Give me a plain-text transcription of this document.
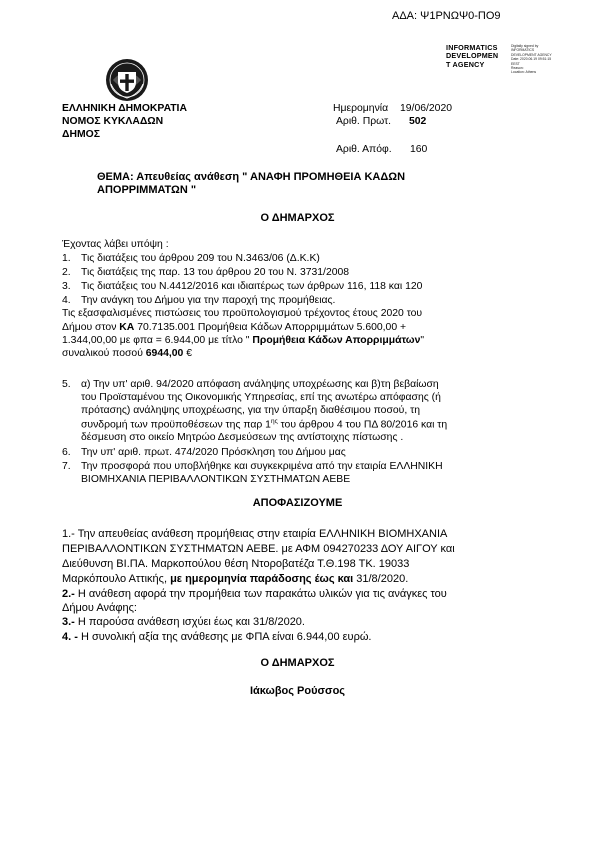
ΑΔΑ: Ψ1ΡΝΩΨ0-ΠΟ9
INFORMATICS
DEVELOPMEN
T AGENCY
Digitally signed by
INFORMATICS
DEVELOPMENT AGENCY
Date: 2020.06.19 09:51:15
EEST
Reason:
Location: Athens
ΕΛΛΗΝΙΚΗ ΔΗΜΟΚΡΑΤΙΑ
ΝΟΜΟΣ ΚΥΚΛΑΔΩΝ
ΔΗΜΟΣ
Ημερομηνία 19/06/2020
Αριθ. Πρωτ. 502
Αριθ. Απόφ. 160
ΘΕΜΑ: Απευθείας ανάθεση " ΑΝΑΦΗ ΠΡΟΜΗΘΕΙΑ ΚΑΔΩΝ
ΑΠΟΡΡΙΜΜΑΤΩΝ "
Ο ΔΗΜΑΡΧΟΣ
Έχοντας λάβει υπόψη :
1. Τις διατάξεις του άρθρου 209 του Ν.3463/06 (Δ.Κ.Κ)
2. Τις διατάξεις της παρ. 13 του άρθρου 20 του Ν. 3731/2008
3. Τις διατάξεις του Ν.4412/2016 και ιδιαιτέρως των άρθρων 116, 118 και 120
4. Την ανάγκη του Δήμου για την παροχή της προμήθειας.
Τις εξασφαλισμένες πιστώσεις του προϋπολογισμού τρέχοντος έτους 2020 του
Δήμου στον ΚΑ 70.7135.001 Προμήθεια Κάδων Απορριμμάτων 5.600,00 +
1.344,00,00 με φπα = 6.944,00 με τίτλο " Προμήθεια Κάδων Απορριμμάτων"
συναλικού ποσού 6944,00 €
5. α) Την υπ' αριθ. 94/2020 απόφαση ανάληψης υποχρέωσης και β)τη βεβαίωση
του Προϊσταμένου της Οικονομικής Υπηρεσίας, επί της ανωτέρω απόφασης (ή
πρότασης) ανάληψης υποχρέωσης, για την ύπαρξη διαθέσιμου ποσού, τη
συνδρομή των προϋποθέσεων της παρ $1^{\eta\varsigma}$ του άρθρου 4 του ΠΔ 80/2016 και τη
δέσμευση στο οικείο Μητρώο Δεσμεύσεων της αντίστοιχης πίστωσης .
6. Την υπ' αριθ. πρωτ. 474/2020 Πρόσκληση του Δήμου μας
7. Την προσφορά που υποβλήθηκε και συγκεκριμένα από την εταιρία ΕΛΛΗΝΙΚΗ
ΒΙΟΜΗΧΑΝΙΑ ΠΕΡΙΒΑΛΛΟΝΤΙΚΩΝ ΣΥΣΤΗΜΑΤΩΝ ΑΕΒΕ
ΑΠΟΦΑΣΙΖΟΥΜΕ
1.- Την απευθείας ανάθεση προμήθειας στην εταιρία ΕΛΛΗΝΙΚΗ ΒΙΟΜΗΧΑΝΙΑ
ΠΕΡΙΒΑΛΛΟΝΤΙΚΩΝ ΣΥΣΤΗΜΑΤΩΝ ΑΕΒΕ. με ΑΦΜ 094270233 ΔΟΥ ΑΙΓΟΥ και
Διεύθυνση ΒΙ.ΠΑ. Μαρκοπούλου θέση Ντοροβατέζα Τ.Θ.198 ΤΚ. 19033
Μαρκόπουλο Αττικής, με ημερομηνία παράδοσης έως και 31/8/2020.
2.- Η ανάθεση αφορά την προμήθεια των παρακάτω υλικών για τις ανάγκες του
Δήμου Ανάφης:
3.- Η παρούσα ανάθεση ισχύει έως και 31/8/2020.
4. - Η συνολική αξία της ανάθεσης με ΦΠΑ είναι 6.944,00 ευρώ.
Ο ΔΗΜΑΡΧΟΣ
Ιάκωβος Ρούσσος
